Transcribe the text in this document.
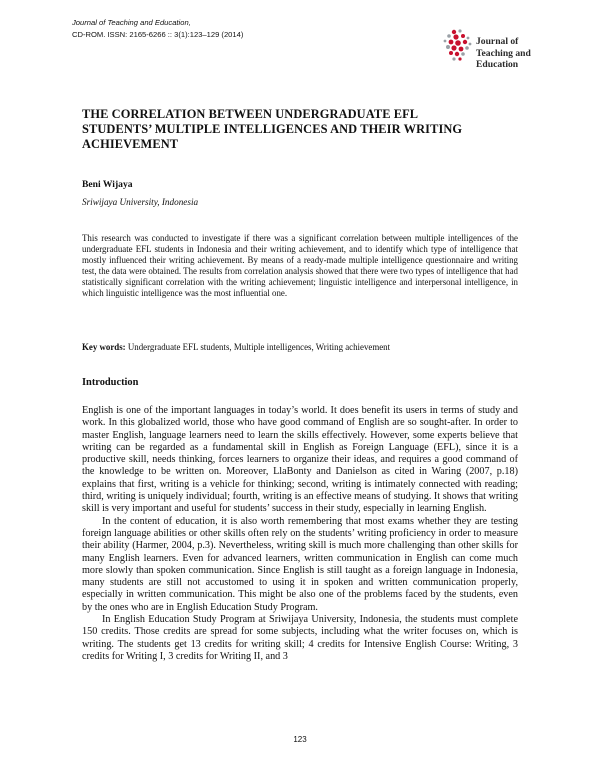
Journal of Teaching and Education,
CD-ROM. ISSN: 2165-6266 :: 3(1):123–129 (2014)
Journal of
Teaching and
Education
THE CORRELATION BETWEEN UNDERGRADUATE EFL STUDENTS’ MULTIPLE INTELLIGENCES AND THEIR WRITING ACHIEVEMENT
Beni Wijaya
Sriwijaya University, Indonesia
This research was conducted to investigate if there was a significant correlation between multiple intelligences of the undergraduate EFL students in Indonesia and their writing achievement, and to identify which type of intelligence that mostly influenced their writing achievement. By means of a ready-made multiple intelligence questionnaire and writing test, the data were obtained. The results from correlation analysis showed that there were two types of intelligence that had statistically significant correlation with the writing achievement; linguistic intelligence and interpersonal intelligence, in which linguistic intelligence was the most influential one.
Key words: Undergraduate EFL students, Multiple intelligences, Writing achievement
Introduction

English is one of the important languages in today’s world. It does benefit its users in terms of study and work. In this globalized world, those who have good command of English are so sought-after. In order to master English, language learners need to learn the skills effectively. However, some experts believe that writing can be regarded as a fundamental skill in English as Foreign Language (EFL), since it is a productive skill, needs thinking, forces learners to organize their ideas, and requires a good command of the knowledge to be written on. Moreover, LlaBonty and Danielson as cited in Waring (2007, p.18) explains that first, writing is a vehicle for thinking; second, writing is intimately connected with reading; third, writing is uniquely individual; fourth, writing is an effective means of studying. It shows that writing skill is very important and useful for students’ success in their study, especially in learning English.

In the content of education, it is also worth remembering that most exams whether they are testing foreign language abilities or other skills often rely on the students’ writing proficiency in order to measure their ability (Harmer, 2004, p.3). Nevertheless, writing skill is much more challenging than other skills for many English learners. Even for advanced learners, written communication in English can come much more slowly than spoken communication. Since English is still taught as a foreign language in Indonesia, many students are still not accustomed to using it in spoken and written communication properly, especially in written communication. This might be also one of the problems faced by the students, even by the ones who are in English Education Study Program.

In English Education Study Program at Sriwijaya University, Indonesia, the students must complete 150 credits. Those credits are spread for some subjects, including what the writer focuses on, which is writing. The students get 13 credits for writing skill; 4 credits for Intensive English Course: Writing, 3 credits for Writing I, 3 credits for Writing II, and 3

123
